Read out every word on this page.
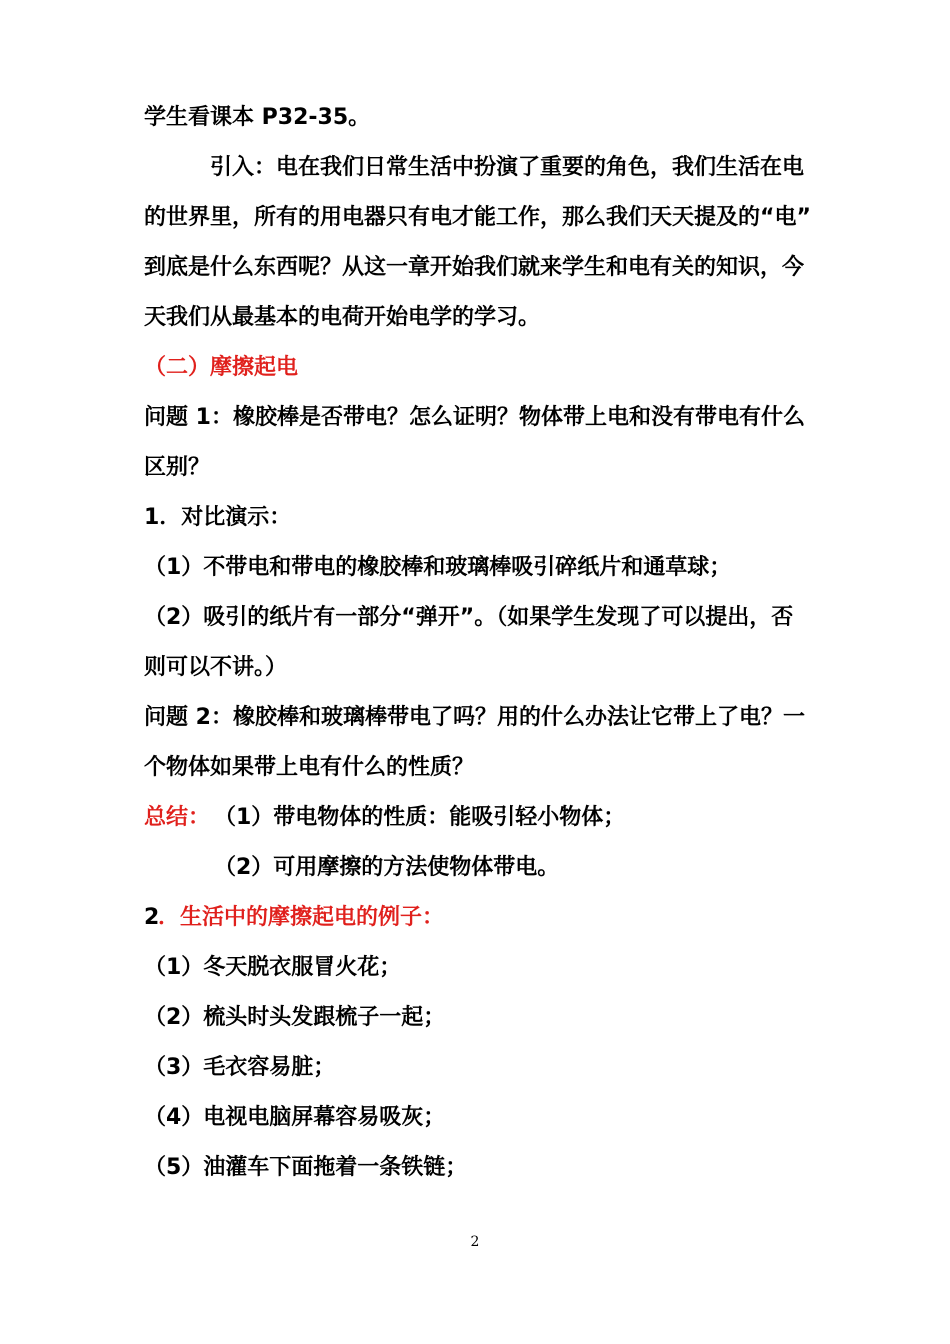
学生看课本 P32-35。
引入：电在我们日常生活中扮演了重要的角色，我们生活在电
的世界里，所有的用电器只有电才能工作，那么我们天天提及的“电”
到底是什么东西呢？从这一章开始我们就来学生和电有关的知识，今
天我们从最基本的电荷开始电学的学习。
（二）摩擦起电
问题 1：橡胶棒是否带电？怎么证明？物体带上电和没有带电有什么
区别？
1．对比演示：
（1）不带电和带电的橡胶棒和玻璃棒吸引碎纸片和通草球；
（2）吸引的纸片有一部分“弹开”。（如果学生发现了可以提出，否
则可以不讲。）
问题 2：橡胶棒和玻璃棒带电了吗？用的什么办法让它带上了电？一
个物体如果带上电有什么的性质？
总结： （1）带电物体的性质：能吸引轻小物体；
（2）可用摩擦的方法使物体带电。
2
．生活中的摩擦起电的例子：
（1）冬天脱衣服冒火花；
（2）梳头时头发跟梳子一起；
（3）毛衣容易脏；
（4）电视电脑屏幕容易吸灰；
（5）油灌车下面拖着一条铁链；
2
